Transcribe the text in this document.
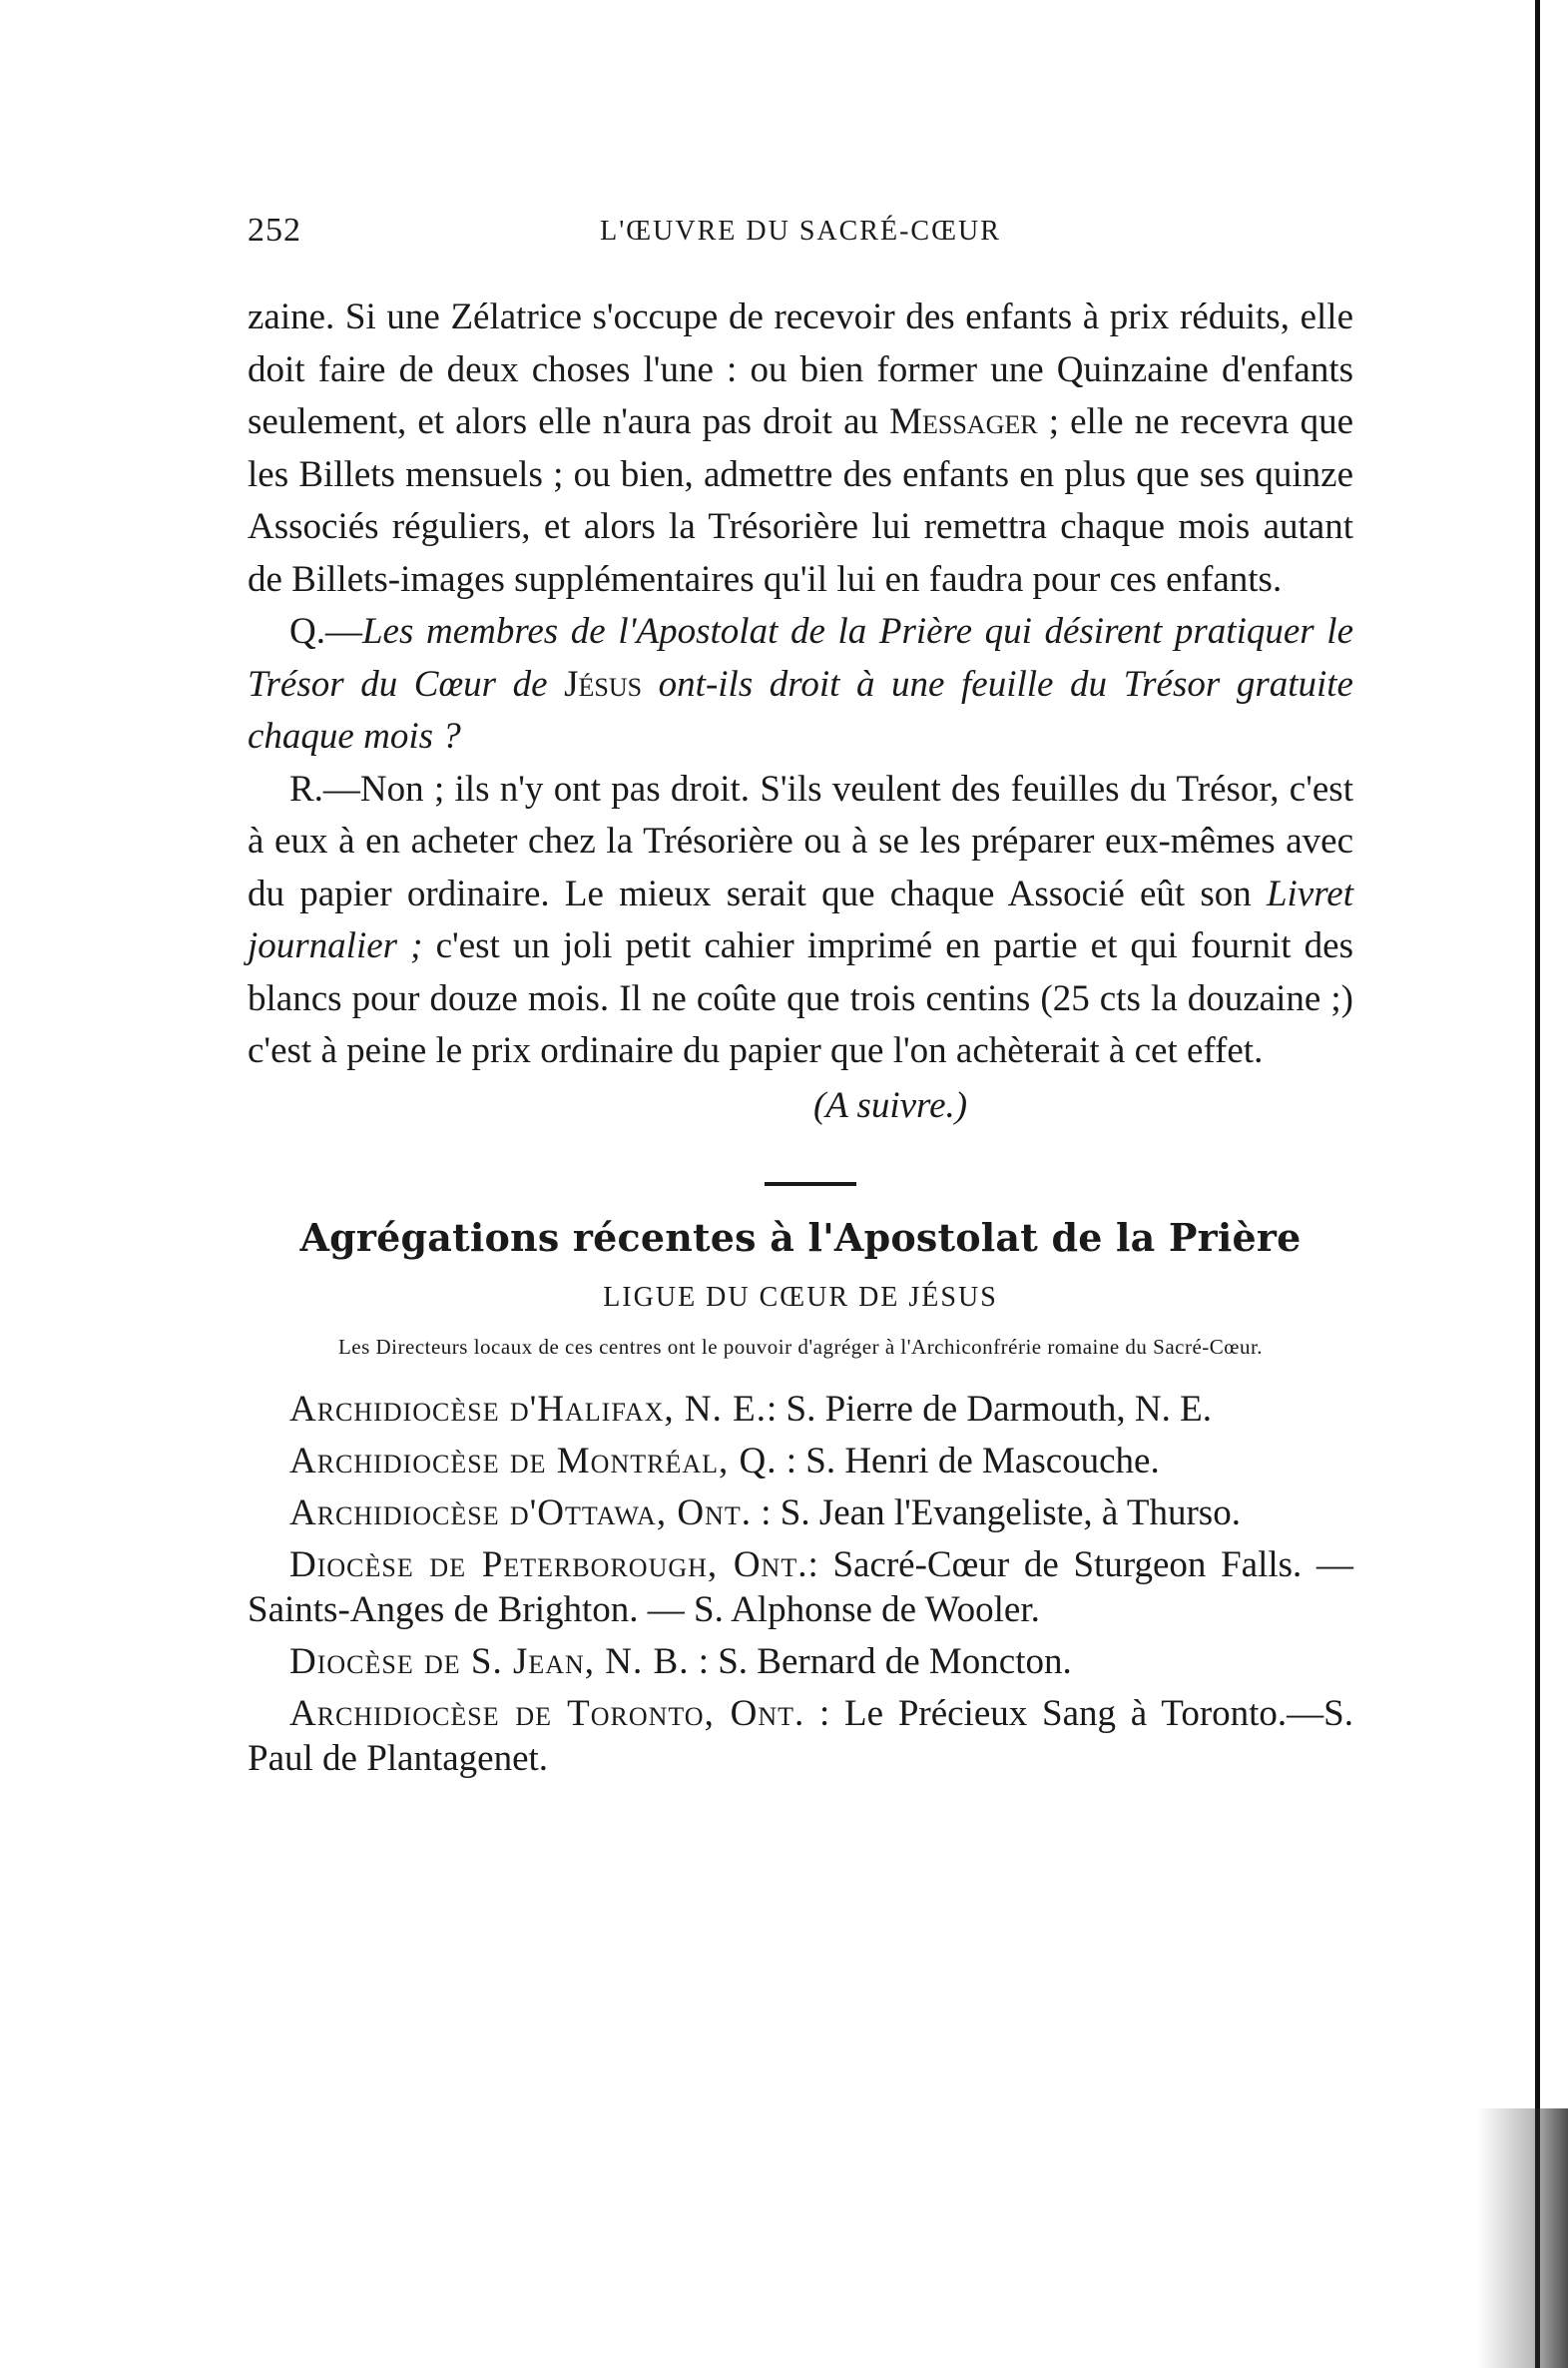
252	L'ŒUVRE DU SACRÉ-CŒUR

zaine. Si une Zélatrice s'occupe de recevoir des enfants à prix réduits, elle doit faire de deux choses l'une : ou bien former une Quinzaine d'enfants seulement, et alors elle n'aura pas droit au Messager ; elle ne recevra que les Billets mensuels ; ou bien, admettre des enfants en plus que ses quinze Associés réguliers, et alors la Trésorière lui remettra chaque mois autant de Billets-images supplémentaires qu'il lui en faudra pour ces enfants.

Q.—Les membres de l'Apostolat de la Prière qui désirent pratiquer le Trésor du Cœur de Jésus ont-ils droit à une feuille du Trésor gratuite chaque mois ?

R.—Non ; ils n'y ont pas droit. S'ils veulent des feuilles du Trésor, c'est à eux à en acheter chez la Trésorière ou à se les préparer eux-mêmes avec du papier ordinaire. Le mieux serait que chaque Associé eût son Livret journalier ; c'est un joli petit cahier imprimé en partie et qui fournit des blancs pour douze mois. Il ne coûte que trois centins (25 cts la douzaine ;) c'est à peine le prix ordinaire du papier que l'on achèterait à cet effet.

(A suivre.)

Agrégations récentes à l'Apostolat de la Prière
LIGUE DU CŒUR DE JÉSUS
Les Directeurs locaux de ces centres ont le pouvoir d'agréger à l'Archiconfrérie romaine du Sacré-Cœur.

Archidiocèse d'Halifax, N. E.: S. Pierre de Darmouth, N. E.

Archidiocèse de Montréal, Q. : S. Henri de Mascouche.

Archidiocèse d'Ottawa, Ont. : S. Jean l'Evangeliste, à Thurso.

Diocèse de Peterborough, Ont.: Sacré-Cœur de Sturgeon Falls. — Saints-Anges de Brighton. — S. Alphonse de Wooler.

Diocèse de S. Jean, N. B. : S. Bernard de Moncton.

Archidiocèse de Toronto, Ont. : Le Précieux Sang à Toronto.—S. Paul de Plantagenet.
